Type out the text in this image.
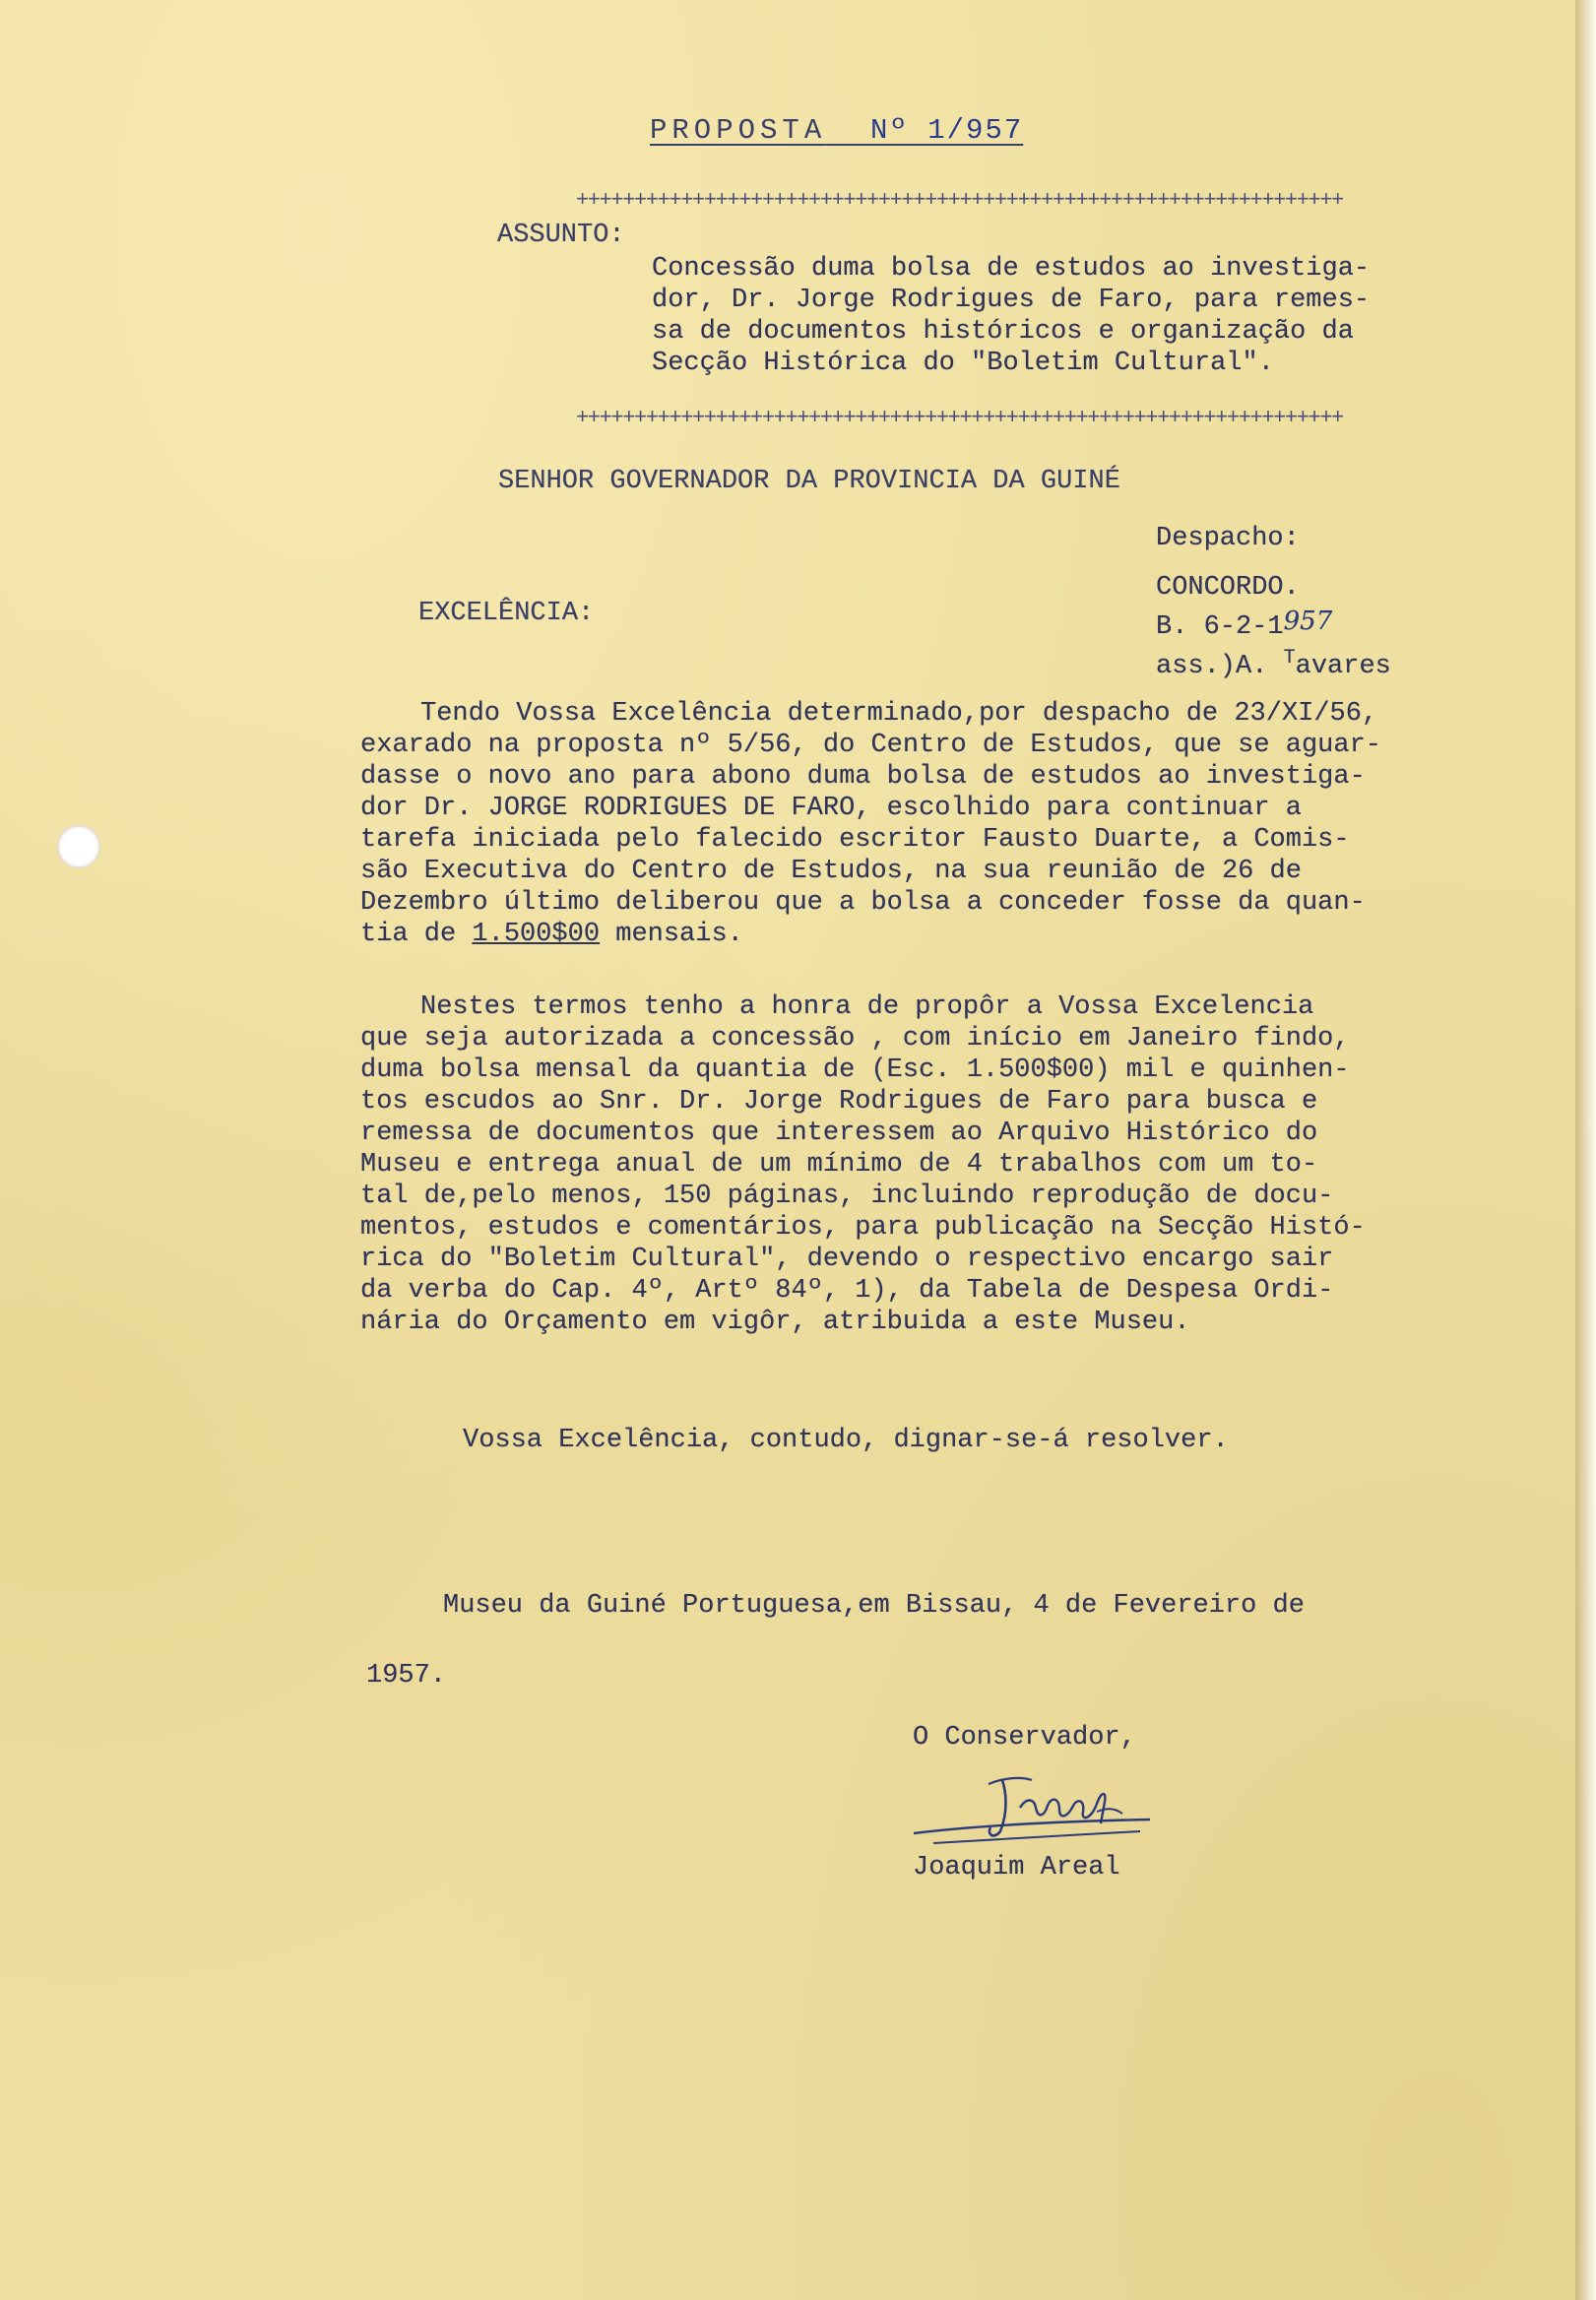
PROPOSTA Nº 1/957
++++++++++++++++++++++++++++++++++++++++++++++++++++++++++++++++++
ASSUNTO:
Concessão duma bolsa de estudos ao investiga-
dor, Dr. Jorge Rodrigues de Faro, para remes-
sa de documentos históricos e organização da
Secção Histórica do "Boletim Cultural".
++++++++++++++++++++++++++++++++++++++++++++++++++++++++++++++++++
SENHOR GOVERNADOR DA PROVINCIA DA GUINÉ
Despacho:
CONCORDO.
B. 6-2-1957
ass.)A. $^T$avares
EXCELÊNCIA:
Tendo Vossa Excelência determinado,por despacho de 23/XI/56,
exarado na proposta nº 5/56, do Centro de Estudos, que se aguar-
dasse o novo ano para abono duma bolsa de estudos ao investiga-
dor Dr. JORGE RODRIGUES DE FARO, escolhido para continuar a
tarefa iniciada pelo falecido escritor Fausto Duarte, a Comis-
são Executiva do Centro de Estudos, na sua reunião de 26 de
Dezembro último deliberou que a bolsa a conceder fosse da quan-
tia de 1.500$00 mensais.
Nestes termos tenho a honra de propôr a Vossa Excelencia
que seja autorizada a concessão , com início em Janeiro findo,
duma bolsa mensal da quantia de (Esc. 1.500$00) mil e quinhen-
tos escudos ao Snr. Dr. Jorge Rodrigues de Faro para busca e
remessa de documentos que interessem ao Arquivo Histórico do
Museu e entrega anual de um mínimo de 4 trabalhos com um to-
tal de,pelo menos, 150 páginas, incluindo reprodução de docu-
mentos, estudos e comentários, para publicação na Secção Histó-
rica do "Boletim Cultural", devendo o respectivo encargo sair
da verba do Cap. 4º, Artº 84º, 1), da Tabela de Despesa Ordi-
nária do Orçamento em vigôr, atribuida a este Museu.
Vossa Excelência, contudo, dignar-se-á resolver.
Museu da Guiné Portuguesa,em Bissau, 4 de Fevereiro de
1957.
O Conservador,
Joaquim Areal
